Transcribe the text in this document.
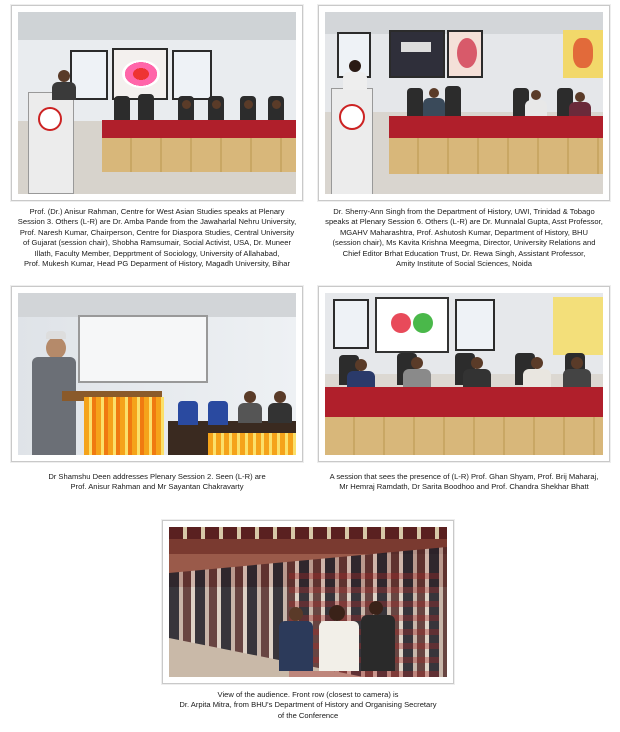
Prof. (Dr.) Anisur Rahman, Centre for West Asian Studies speaks at Plenary
Session 3. Others (L-R) are Dr. Amba Pande from the Jawaharlal Nehru University,
Prof. Naresh Kumar, Chairperson, Centre for Diaspora Studies, Central University
of Gujarat (session chair), Shobha Ramsumair, Social Activist, USA, Dr. Muneer
Illath, Faculty Member, Depprtment of Sociology, University of Allahabad,
Prof. Mukesh Kumar, Head PG Deparment of History, Magadh University, Bihar
Dr. Sherry-Ann Singh from the Department of History, UWI, Trinidad & Tobago
speaks at Plenary Session 6. Others (L-R) are Dr. Munnalal Gupta, Asst Professor,
MGAHV Maharashtra, Prof. Ashutosh Kumar, Department of History, BHU
(session chair), Ms Kavita Krishna Meegma, Director, University Relations and
Chief Editor Brhat Education Trust, Dr. Rewa Singh, Assistant Professor,
Amity Institute of Social Sciences, Noida
Dr Shamshu Deen addresses Plenary Session 2. Seen (L-R) are
Prof. Anisur Rahman and Mr Sayantan Chakravarty
A session that sees the presence of (L-R) Prof. Ghan Shyam, Prof. Brij Maharaj,
Mr Hemraj Ramdath, Dr Sarita Boodhoo and Prof. Chandra Shekhar Bhatt
View of the audience. Front row (closest to camera) is
Dr. Arpita Mitra, from BHU's Department of History and Organising Secretary
of the Conference
